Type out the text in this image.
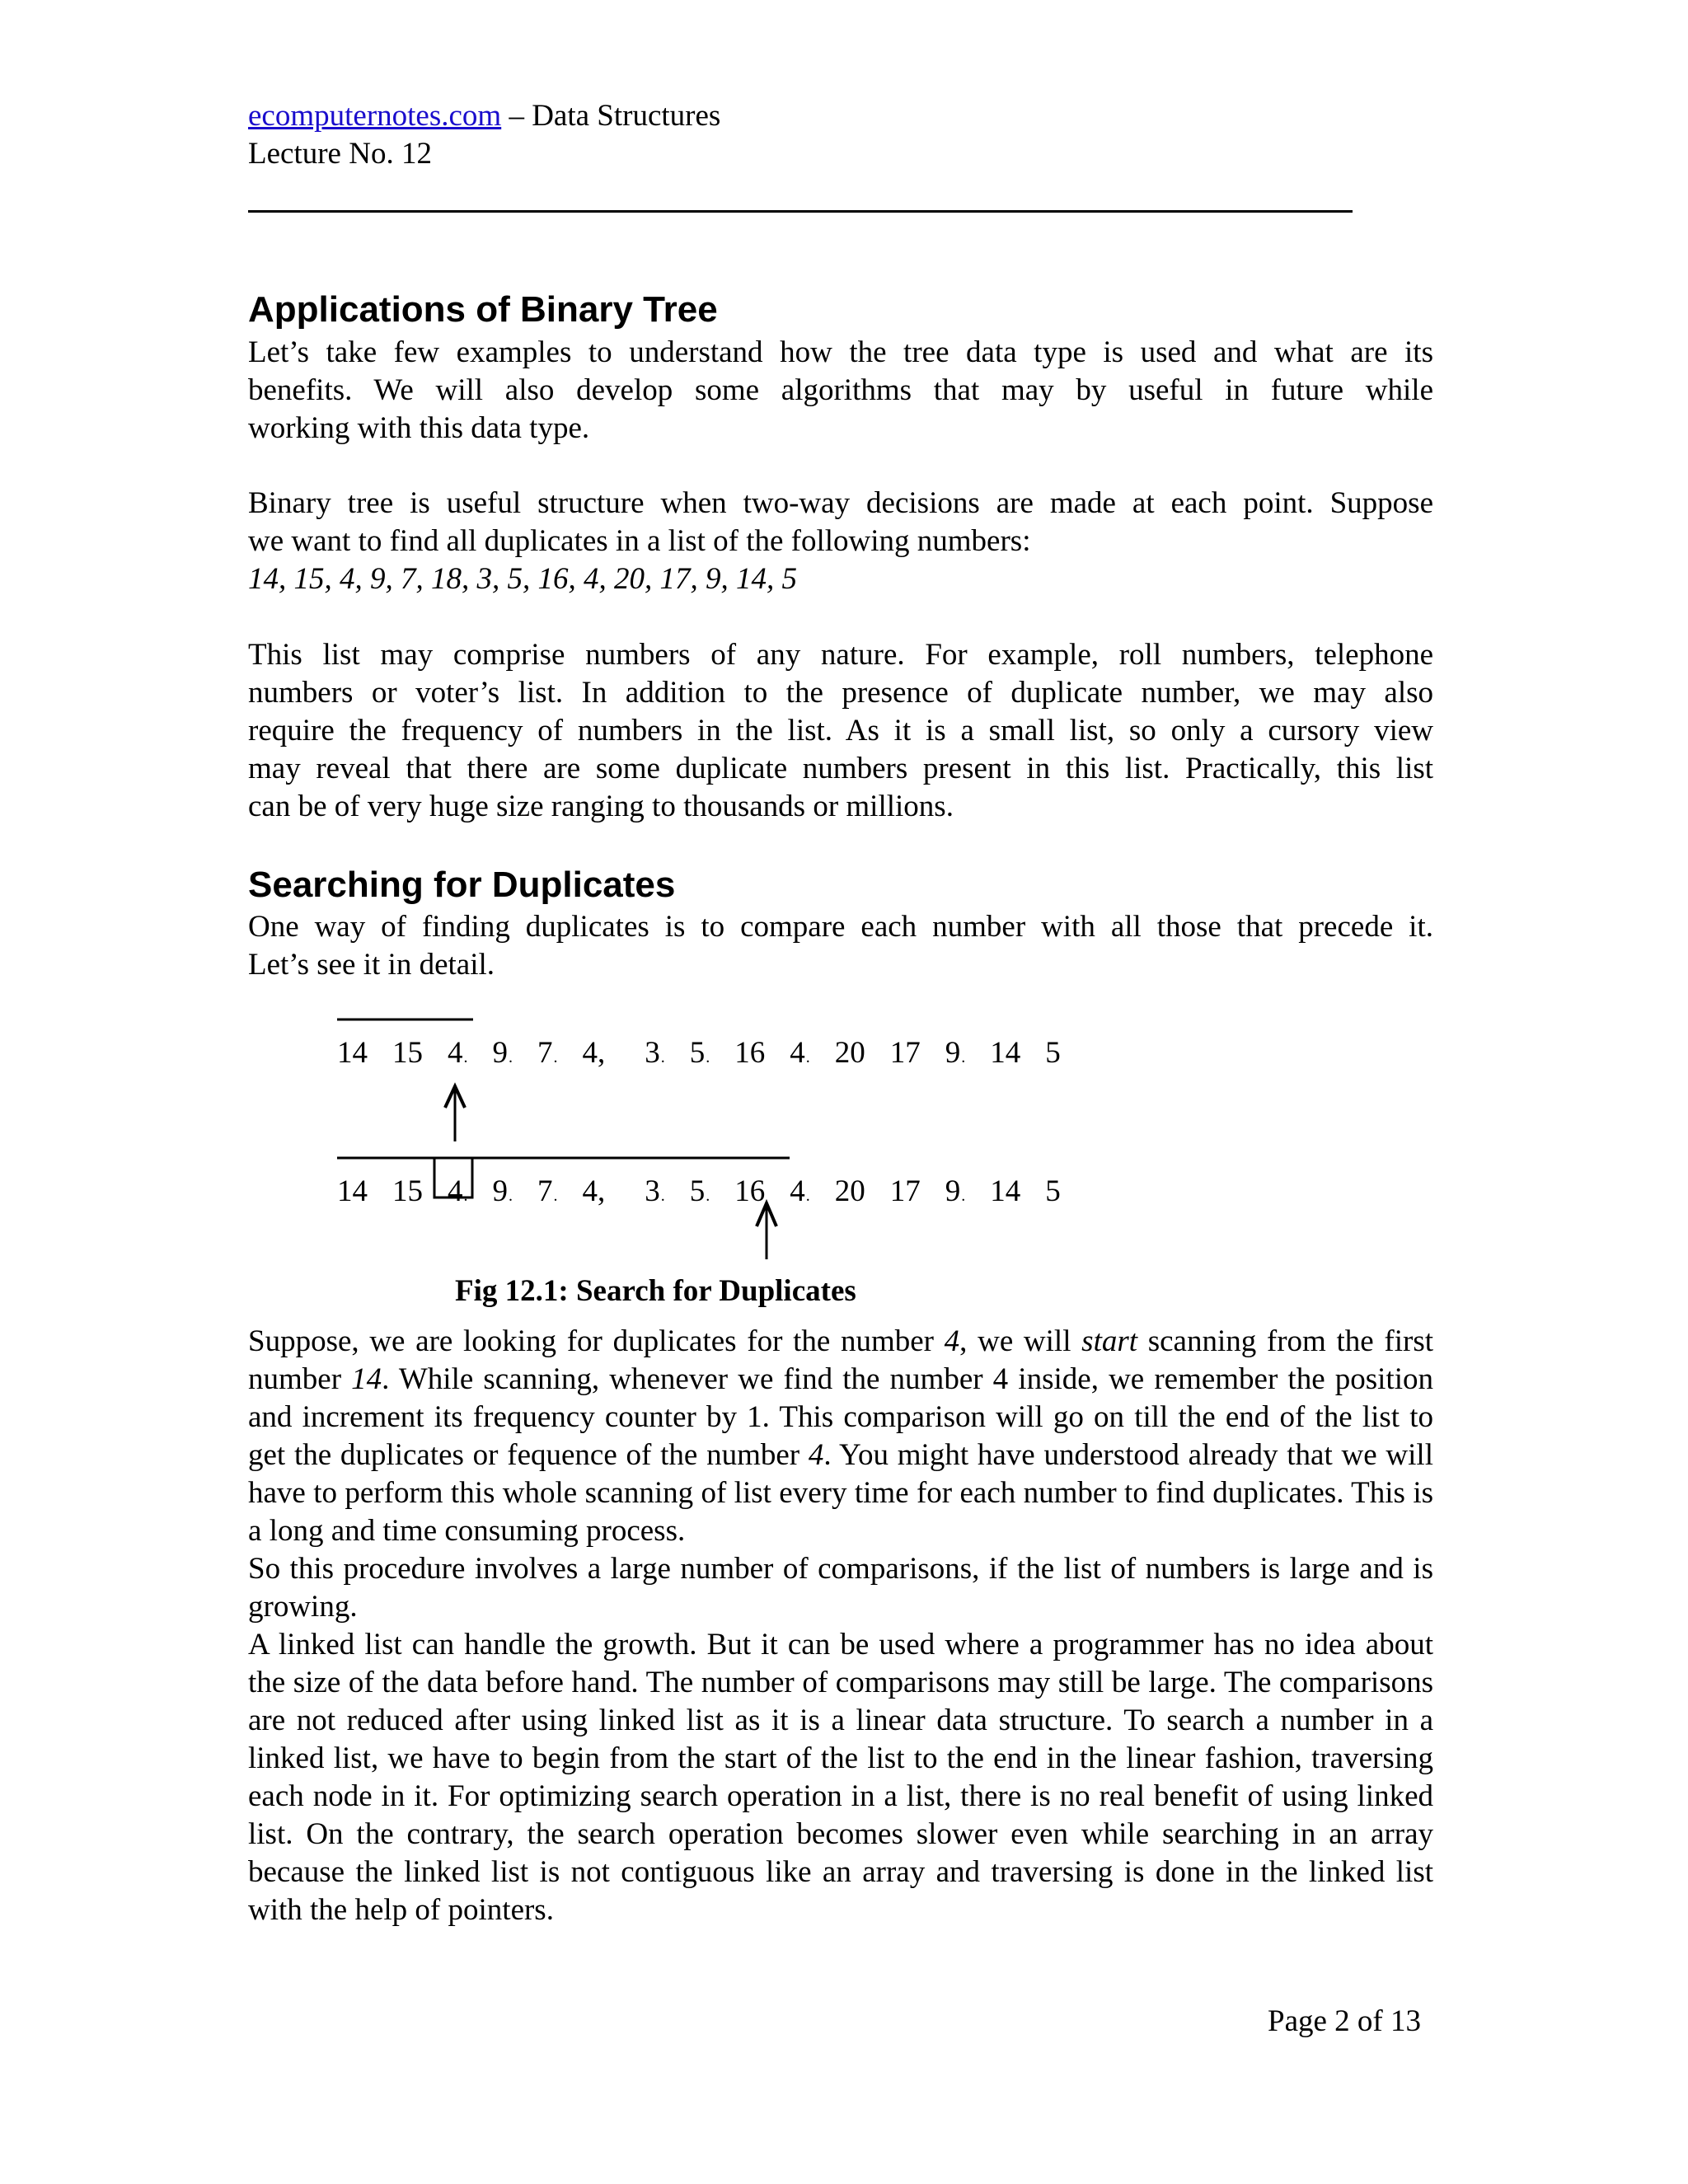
ecomputernotes.com – Data Structures
Lecture No. 12
Applications of Binary Tree
Let’s take few examples to understand how the tree data type is used and what are its
benefits. We will also develop some algorithms that may by useful in future while
working with this data type.
Binary tree is useful structure when two-way decisions are made at each point. Suppose
we want to find all duplicates in a list of the following numbers:
14, 15, 4, 9, 7, 18, 3, 5, 16, 4, 20, 17, 9, 14, 5
This list may comprise numbers of any nature. For example, roll numbers, telephone
numbers or voter’s list. In addition to the presence of duplicate number, we may also
require the frequency of numbers in the list. As it is a small list, so only a cursory view
may reveal that there are some duplicate numbers present in this list. Practically, this list
can be of very huge size ranging to thousands or millions.
Searching for Duplicates
One way of finding duplicates is to compare each number with all those that precede it.
Let’s see it in detail.
14 15 4. 9. 7. 4, 3. 5. 16 4. 20 17 9. 14 5
14 15 4. 9. 7. 4, 3. 5. 16 4. 20 17 9. 14 5
Fig 12.1: Search for Duplicates
Suppose, we are looking for duplicates for the number 4, we will start scanning from the first number 14. While scanning, whenever we find the number 4 inside, we remember the position and increment its frequency counter by 1. This comparison will go on till the end of the list to get the duplicates or fequence of the number 4. You might have understood already that we will have to perform this whole scanning of list every time for each number to find duplicates. This is a long and time consuming process.
So this procedure involves a large number of comparisons, if the list of numbers is large and is growing.
A linked list can handle the growth. But it can be used where a programmer has no idea about the size of the data before hand. The number of comparisons may still be large. The comparisons are not reduced after using linked list as it is a linear data structure. To search a number in a linked list, we have to begin from the start of the list to the end in the linear fashion, traversing each node in it. For optimizing search operation in a list, there is no real benefit of using linked list. On the contrary, the search operation becomes slower even while searching in an array because the linked list is not contiguous like an array and traversing is done in the linked list with the help of pointers.
Page 2 of 13
